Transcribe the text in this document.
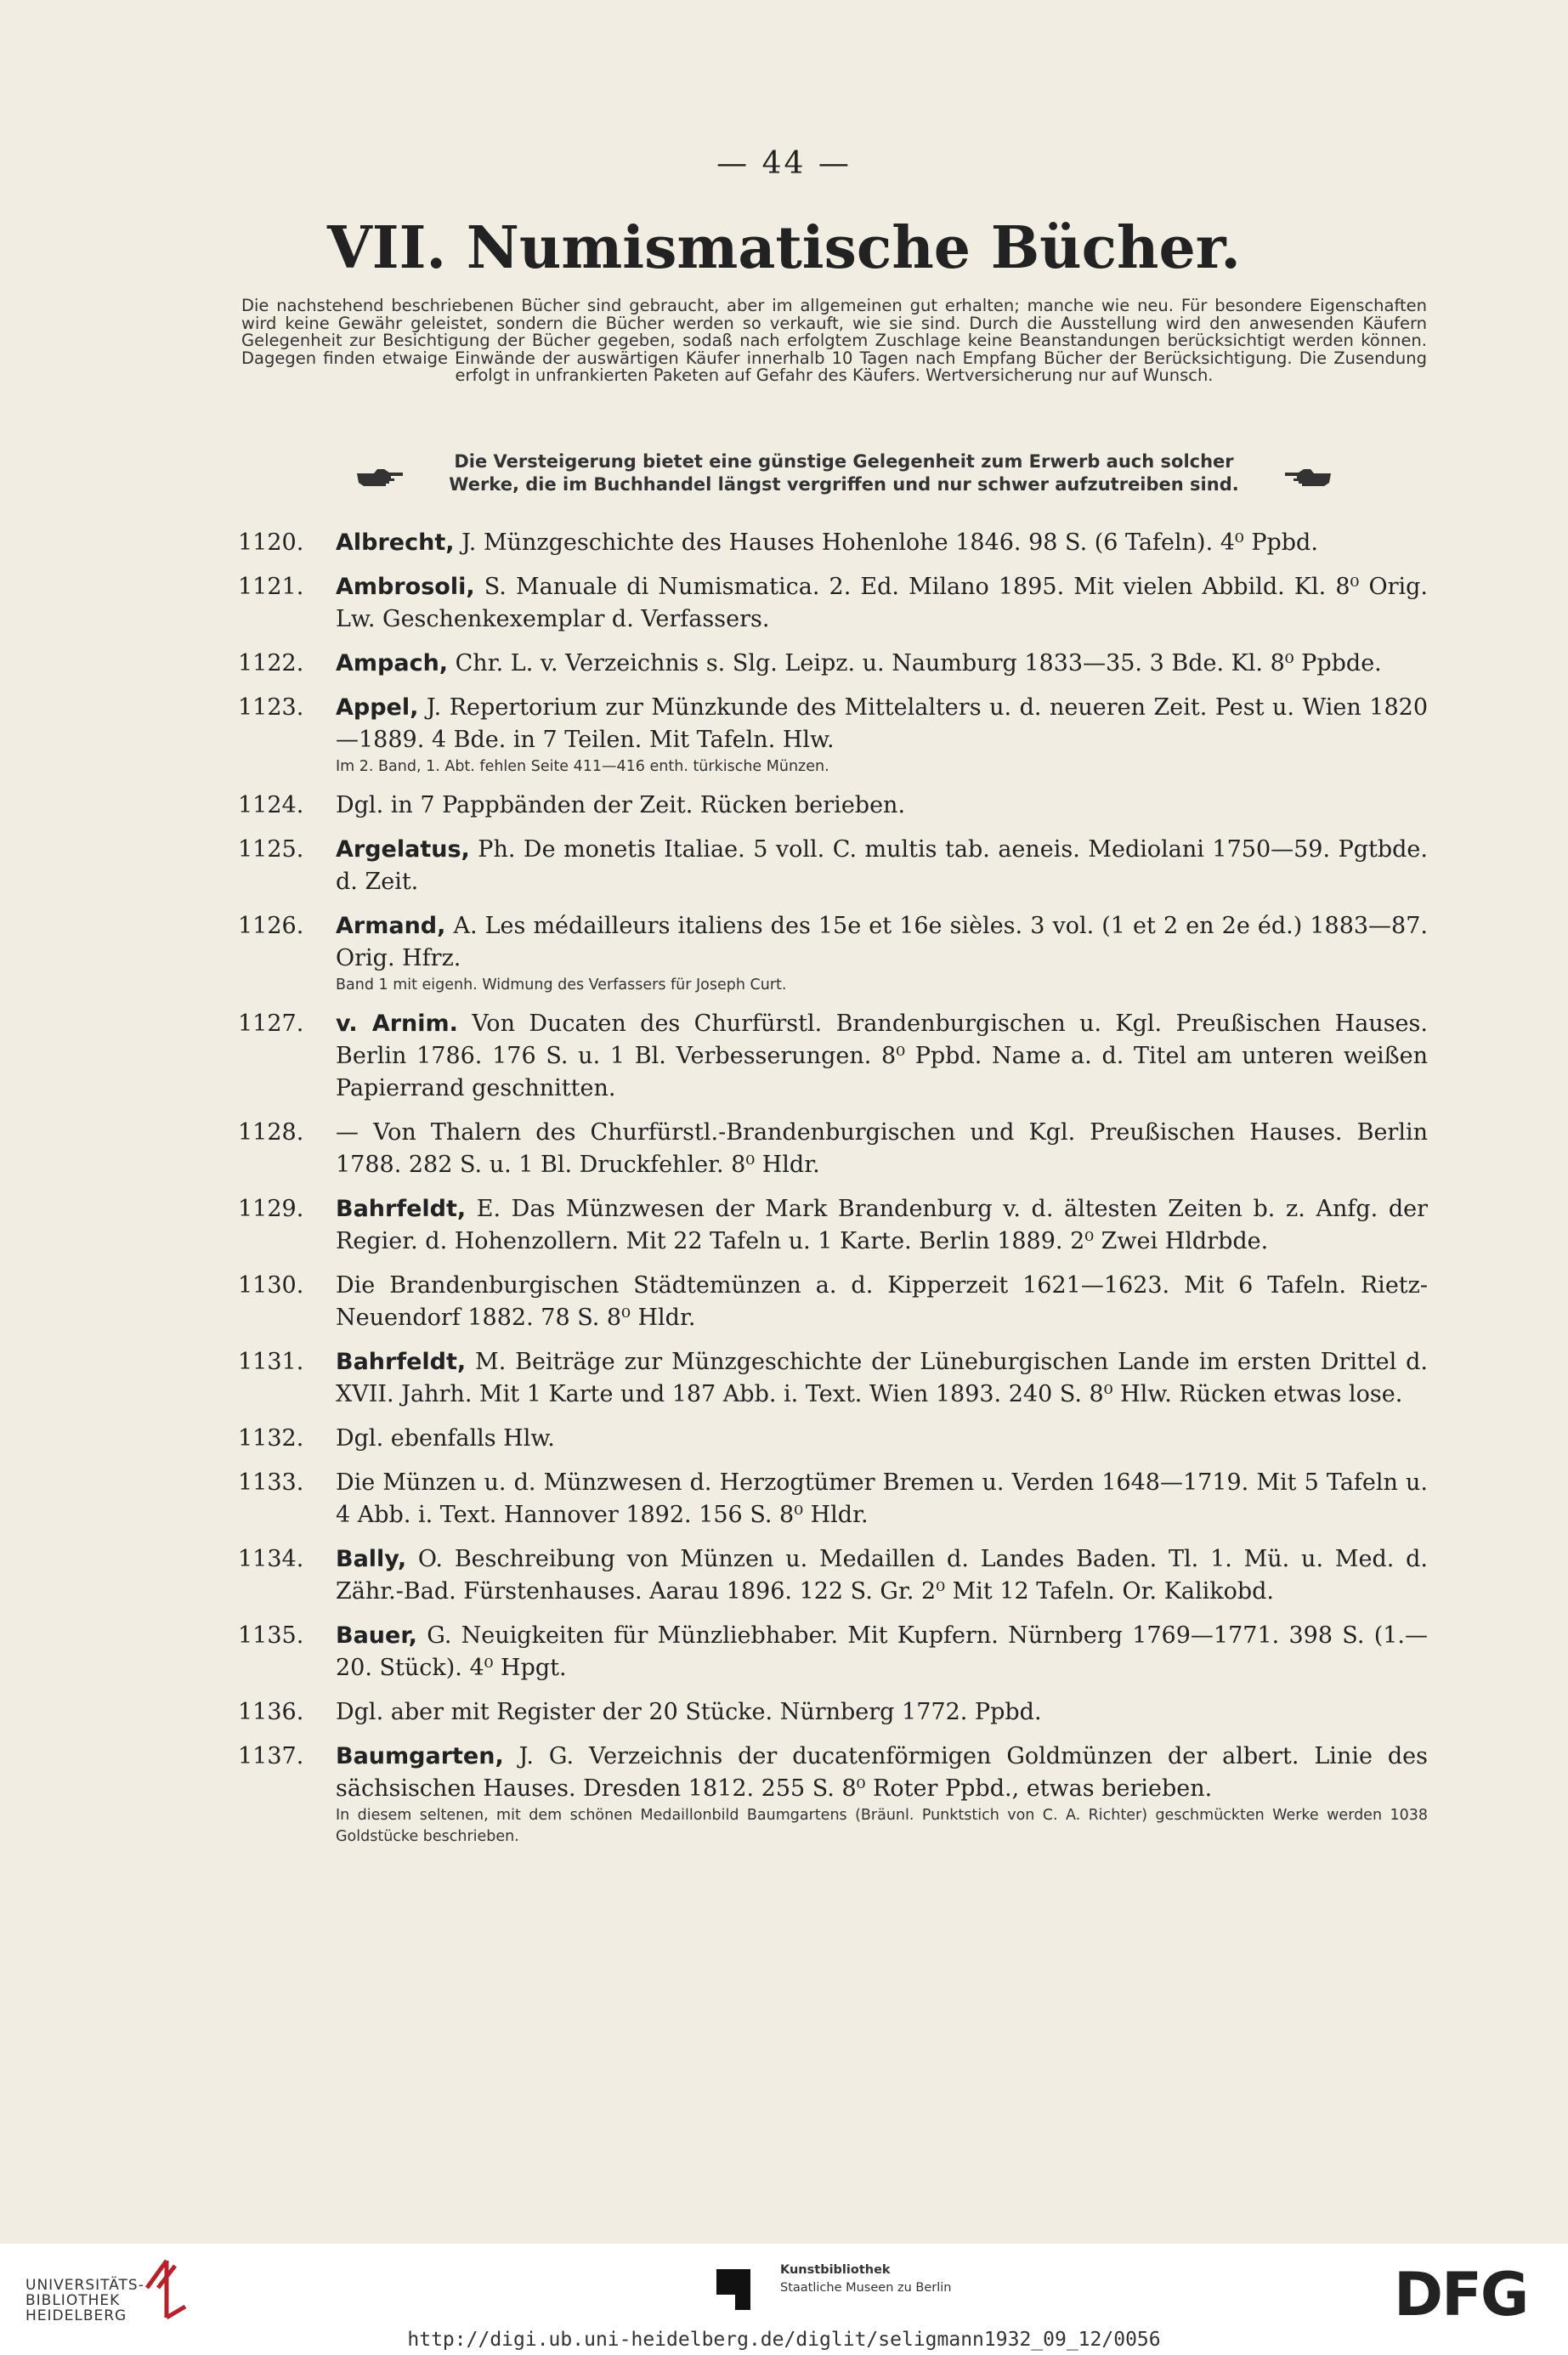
— 44 —
VII. Numismatische Bücher.
Die nachstehend beschriebenen Bücher sind gebraucht, aber im allgemeinen gut erhalten; manche wie neu. Für besondere Eigenschaften wird keine Gewähr geleistet, sondern die Bücher werden so verkauft, wie sie sind. Durch die Ausstellung wird den anwesenden Käufern Gelegenheit zur Besichtigung der Bücher gegeben, sodaß nach erfolgtem Zuschlage keine Beanstandungen berücksichtigt werden können. Dagegen finden etwaige Einwände der auswärtigen Käufer innerhalb 10 Tagen nach Empfang Bücher der Berücksichtigung. Die Zusendung erfolgt in unfrankierten Paketen auf Gefahr des Käufers. Wertversicherung nur auf Wunsch.
Die Versteigerung bietet eine günstige Gelegenheit zum Erwerb auch solcher
Werke, die im Buchhandel längst vergriffen und nur schwer aufzutreiben sind.
1120. Albrecht, J. Münzgeschichte des Hauses Hohenlohe 1846. 98 S. (6 Tafeln). 4⁰ Ppbd.
1121. Ambrosoli, S. Manuale di Numismatica. 2. Ed. Milano 1895. Mit vielen Abbild. Kl. 8⁰ Orig. Lw. Geschenkexemplar d. Verfassers.
1122. Ampach, Chr. L. v. Verzeichnis s. Slg. Leipz. u. Naumburg 1833—35. 3 Bde. Kl. 8⁰ Ppbde.
1123. Appel, J. Repertorium zur Münzkunde des Mittelalters u. d. neueren Zeit. Pest u. Wien 1820—1889. 4 Bde. in 7 Teilen. Mit Tafeln. Hlw.
Im 2. Band, 1. Abt. fehlen Seite 411—416 enth. türkische Münzen.
1124. Dgl. in 7 Pappbänden der Zeit. Rücken berieben.
1125. Argelatus, Ph. De monetis Italiae. 5 voll. C. multis tab. aeneis. Mediolani 1750—59. Pgtbde. d. Zeit.
1126. Armand, A. Les médailleurs italiens des 15e et 16e sièles. 3 vol. (1 et 2 en 2e éd.) 1883—87. Orig. Hfrz.
Band 1 mit eigenh. Widmung des Verfassers für Joseph Curt.
1127. v. Arnim. Von Ducaten des Churfürstl. Brandenburgischen u. Kgl. Preußischen Hauses. Berlin 1786. 176 S. u. 1 Bl. Verbesserungen. 8⁰ Ppbd. Name a. d. Titel am unteren weißen Papierrand geschnitten.
1128. — Von Thalern des Churfürstl.-Brandenburgischen und Kgl. Preußischen Hauses. Berlin 1788. 282 S. u. 1 Bl. Druckfehler. 8⁰ Hldr.
1129. Bahrfeldt, E. Das Münzwesen der Mark Brandenburg v. d. ältesten Zeiten b. z. Anfg. der Regier. d. Hohenzollern. Mit 22 Tafeln u. 1 Karte. Berlin 1889. 2⁰ Zwei Hldrbde.
1130. Die Brandenburgischen Städtemünzen a. d. Kipperzeit 1621—1623. Mit 6 Tafeln. Rietz-Neuendorf 1882. 78 S. 8⁰ Hldr.
1131. Bahrfeldt, M. Beiträge zur Münzgeschichte der Lüneburgischen Lande im ersten Drittel d. XVII. Jahrh. Mit 1 Karte und 187 Abb. i. Text. Wien 1893. 240 S. 8⁰ Hlw. Rücken etwas lose.
1132. Dgl. ebenfalls Hlw.
1133. Die Münzen u. d. Münzwesen d. Herzogtümer Bremen u. Verden 1648—1719. Mit 5 Tafeln u. 4 Abb. i. Text. Hannover 1892. 156 S. 8⁰ Hldr.
1134. Bally, O. Beschreibung von Münzen u. Medaillen d. Landes Baden. Tl. 1. Mü. u. Med. d. Zähr.-Bad. Fürstenhauses. Aarau 1896. 122 S. Gr. 2⁰ Mit 12 Tafeln. Or. Kalikobd.
1135. Bauer, G. Neuigkeiten für Münzliebhaber. Mit Kupfern. Nürnberg 1769—1771. 398 S. (1.—20. Stück). 4⁰ Hpgt.
1136. Dgl. aber mit Register der 20 Stücke. Nürnberg 1772. Ppbd.
1137. Baumgarten, J. G. Verzeichnis der ducatenförmigen Goldmünzen der albert. Linie des sächsischen Hauses. Dresden 1812. 255 S. 8⁰ Roter Ppbd., etwas berieben.
In diesem seltenen, mit dem schönen Medaillonbild Baumgartens (Bräunl. Punktstich von C. A. Richter) geschmückten Werke werden 1038 Goldstücke beschrieben.
UNIVERSITÄTS-
BIBLIOTHEK
HEIDELBERG
Kunstbibliothek
Staatliche Museen zu Berlin	DFG
http://digi.ub.uni-heidelberg.de/diglit/seligmann1932_09_12/0056
